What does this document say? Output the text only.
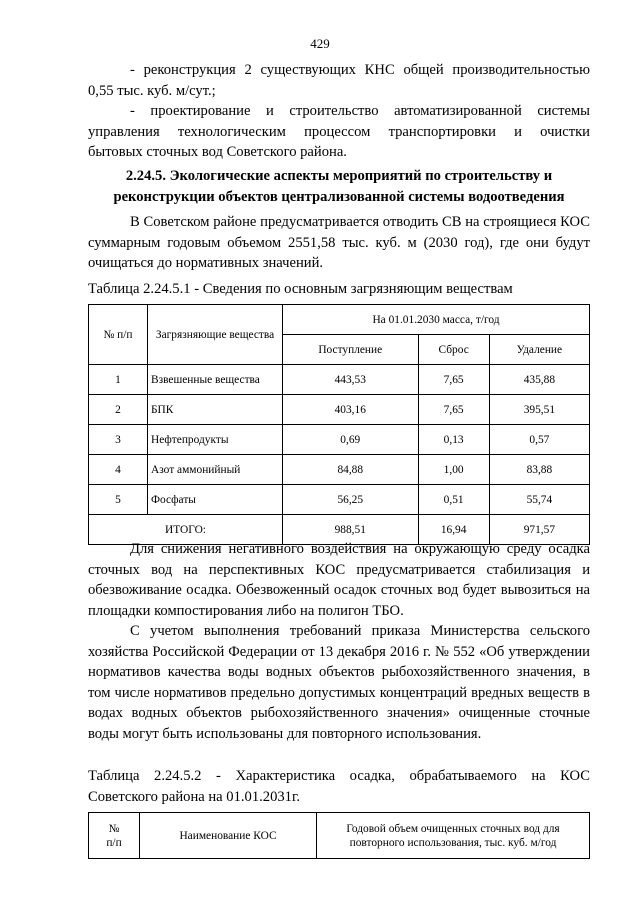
429

- реконструкция 2 существующих КНС общей производительностью

0,55 тыс. куб. м/сут.;

- проектирование и строительство автоматизированной системы

управления технологическим процессом транспортировки и очистки

бытовых сточных вод Советского района.

2.24.5. Экологические аспекты мероприятий по строительству и
реконструкции объектов централизованной системы водоотведения

В Советском районе предусматривается отводить СВ на строящиеся КОС суммарным годовым объемом 2551,58 тыс. куб. м (2030 год), где они будут очищаться до нормативных значений.

Таблица 2.24.5.1 - Сведения по основным загрязняющим веществам
№ п/п	Загрязняющие вещества	На 01.01.2030 масса, т/год		
		Поступление	Сброс	Удаление
1	Взвешенные вещества	443,53	7,65	435,88
2	БПК	403,16	7,65	395,51
3	Нефтепродукты	0,69	0,13	0,57
4	Азот аммонийный	84,88	1,00	83,88
5	Фосфаты	56,25	0,51	55,74
ИТОГО:		988,51	16,94	971,57

Для снижения негативного воздействия на окружающую среду осадка сточных вод на перспективных КОС предусматривается стабилизация и обезвоживание осадка. Обезвоженный осадок сточных вод будет вывозиться на площадки компостирования либо на полигон ТБО.

С учетом выполнения требований приказа Министерства сельского хозяйства Российской Федерации от 13 декабря 2016 г. № 552 «Об утверждении нормативов качества воды водных объектов рыбохозяйственного значения, в том числе нормативов предельно допустимых концентраций вредных веществ в водах водных объектов рыбохозяйственного значения» очищенные сточные воды могут быть использованы для повторного использования.

Таблица 2.24.5.2 - Характеристика осадка, обрабатываемого на КОС

Советского района на 01.01.2031г.

№
п/п
	Наименование КОС	Годовой объем очищенных сточных вод для повторного использования, тыс. куб. м/год
